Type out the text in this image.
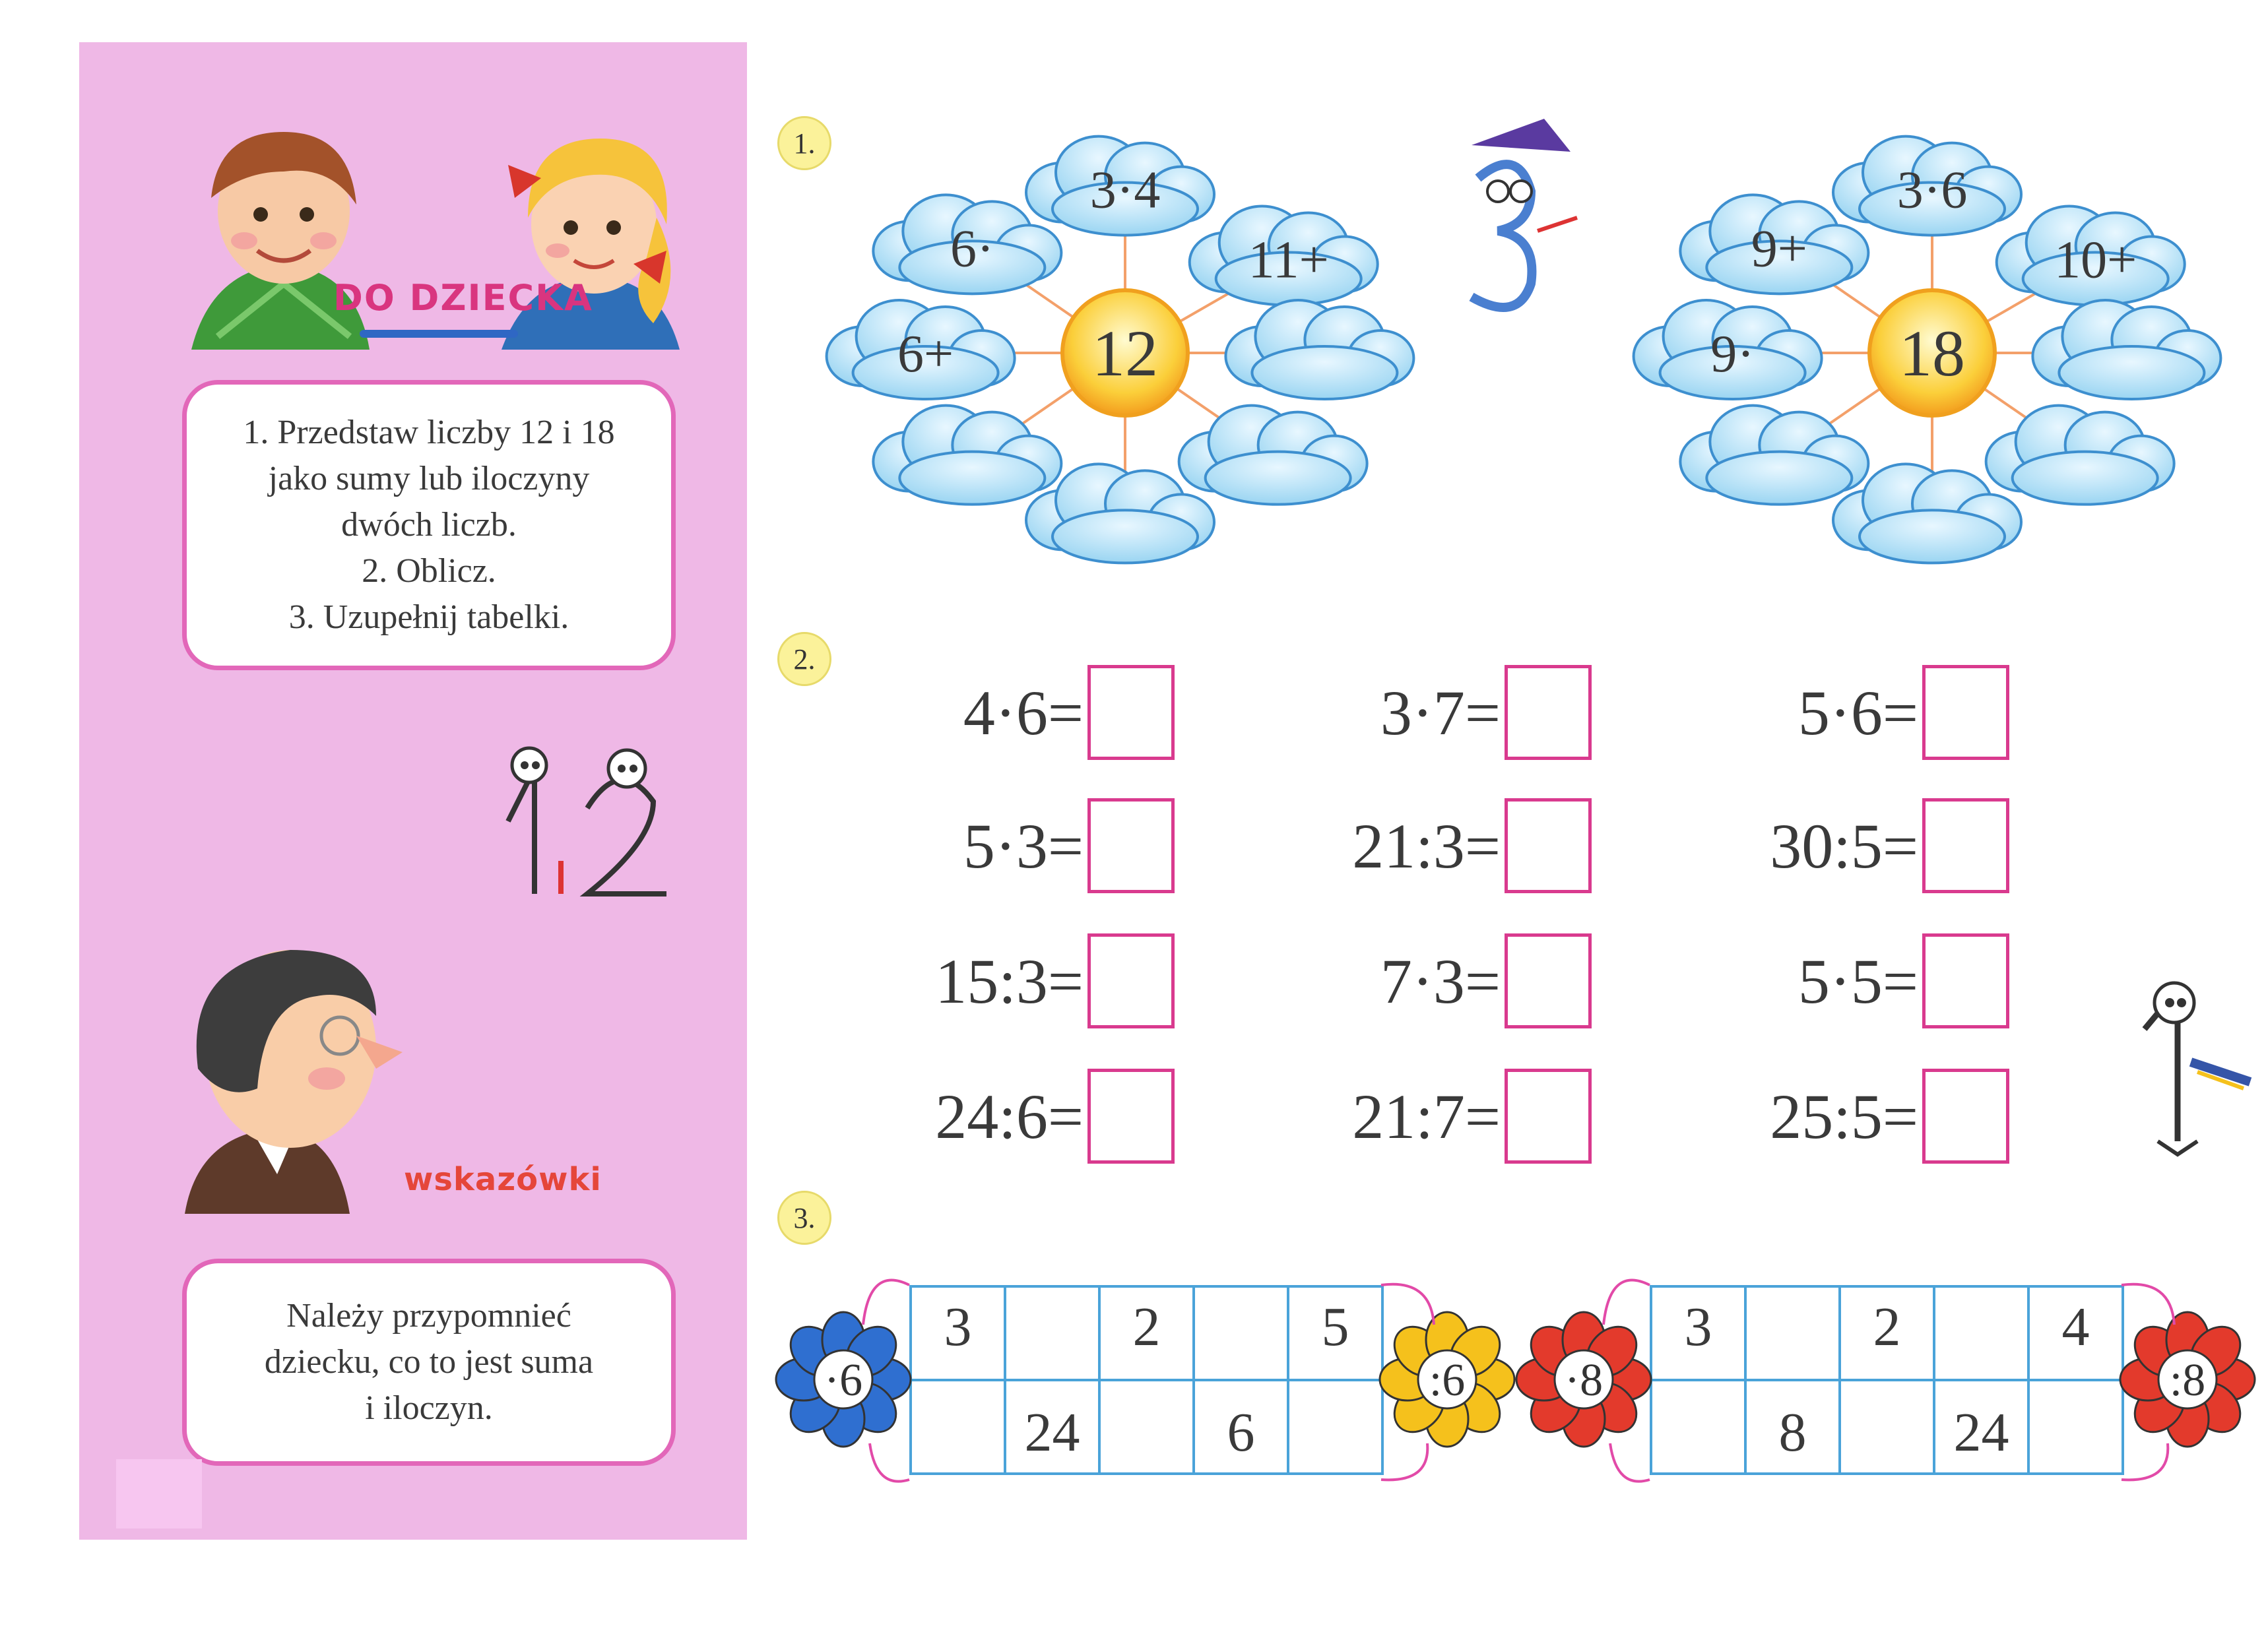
DO DZIECKA
1. Przedstaw liczby 12 i 18
jako sumy lub iloczyny
dwóch liczb.
2. Oblicz.
3. Uzupełnij tabelki.
wskazówki
Należy przypomnieć
dziecku, co to jest suma
i iloczyn.
1.
2.
3.
3·4
11+
6+
6·
12
3·6
10+
9·
9+
18
4·6=
5·3=
15:3=
24:6=
3·7=
21:3=
7·3=
21:7=
5·6=
30:5=
5·5=
25:5=
3		2		5
	24		6	
·6	:6
3		2		4
	8		24	
·8	:8
